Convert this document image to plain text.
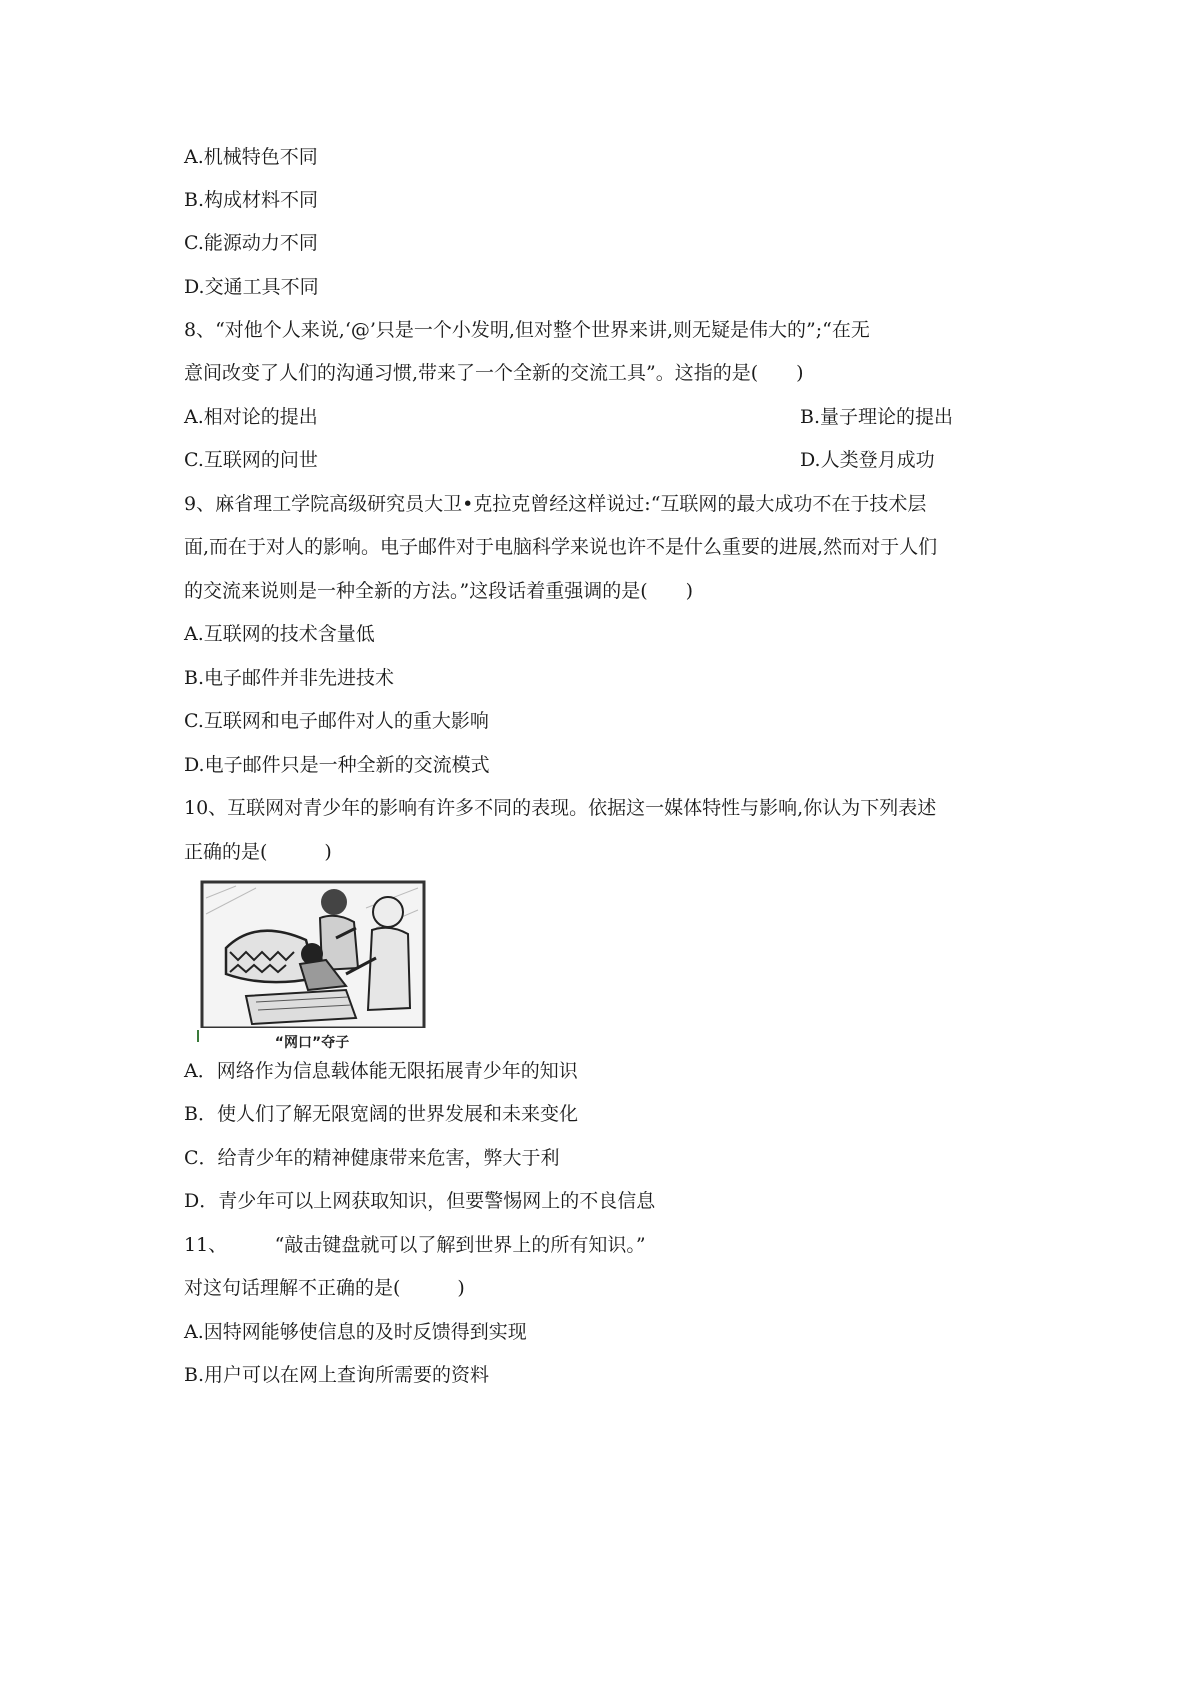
A.机械特色不同
B.构成材料不同
C.能源动力不同
D.交通工具不同
8、“对他个人来说,‘@’只是一个小发明,但对整个世界来讲,则无疑是伟大的”;“在无
意间改变了人们的沟通习惯,带来了一个全新的交流工具”。这指的是(　　)
A.相对论的提出	B.量子理论的提出
C.互联网的问世	D.人类登月成功
9、麻省理工学院高级研究员大卫•克拉克曾经这样说过:“互联网的最大成功不在于技术层
面,而在于对人的影响。电子邮件对于电脑科学来说也许不是什么重要的进展,然而对于人们
的交流来说则是一种全新的方法。”这段话着重强调的是(　　)
A.互联网的技术含量低
B.电子邮件并非先进技术
C.互联网和电子邮件对人的重大影响
D.电子邮件只是一种全新的交流模式
10、互联网对青少年的影响有许多不同的表现。依据这一媒体特性与影响,你认为下列表述
正确的是(　　　)
“网口”夺子
A．网络作为信息载体能无限拓展青少年的知识
B．使人们了解无限宽阔的世界发展和未来变化
C．给青少年的精神健康带来危害，弊大于利
D．青少年可以上网获取知识，但要警惕网上的不良信息
11、　　　“敲击键盘就可以了解到世界上的所有知识。”
对这句话理解不正确的是(　　　)
A.因特网能够使信息的及时反馈得到实现
B.用户可以在网上查询所需要的资料
